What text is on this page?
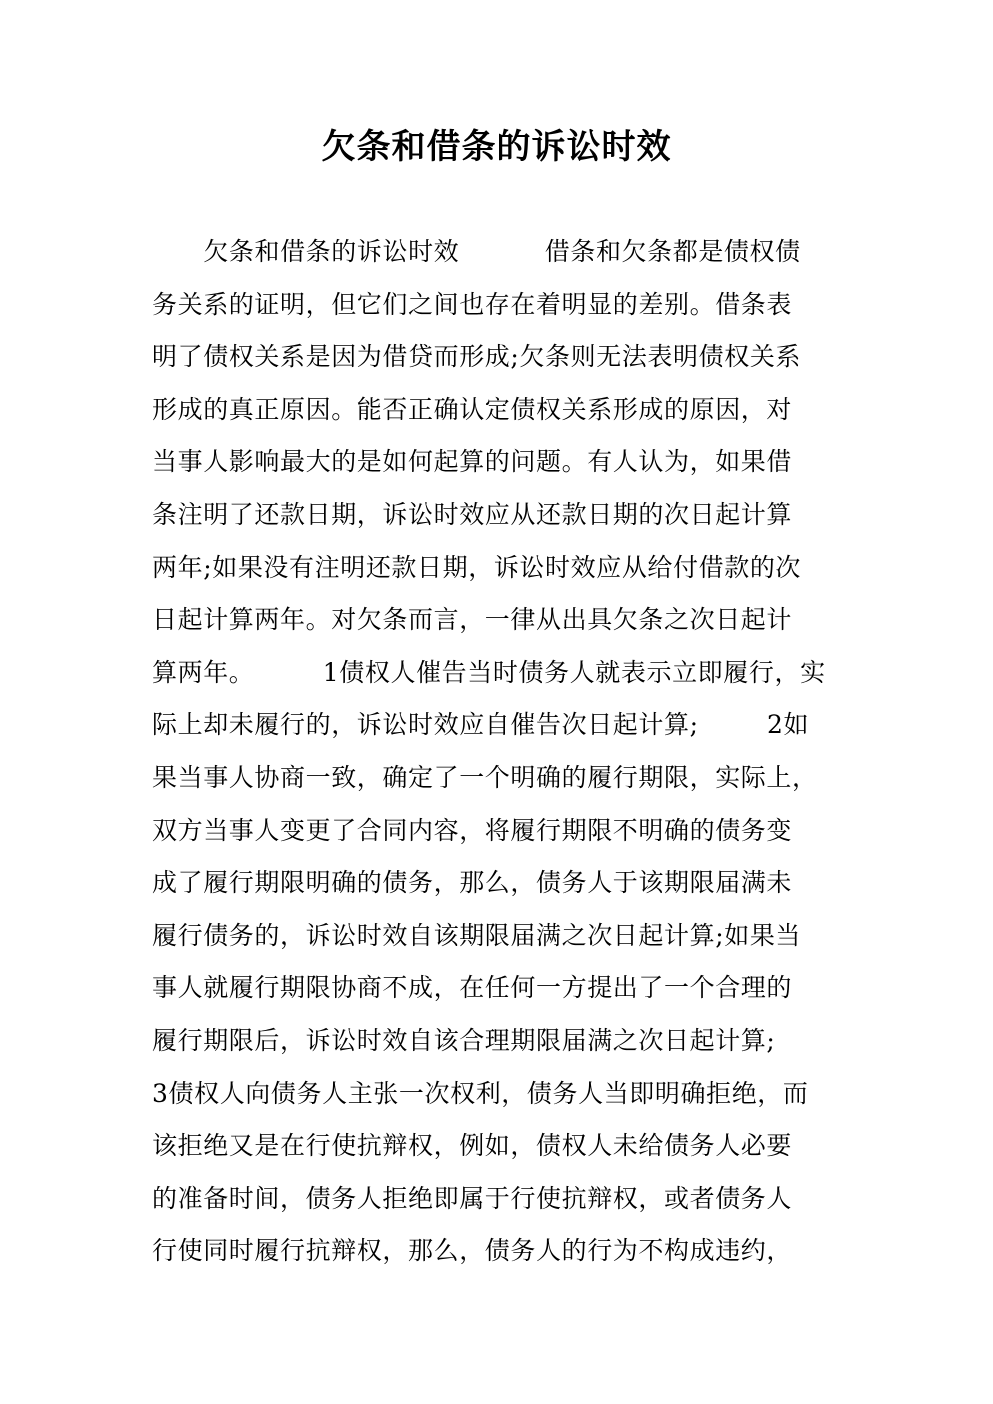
欠条和借条的诉讼时效
欠条和借条的诉讼时效          借条和欠条都是债权债
务关系的证明，但它们之间也存在着明显的差别。借条表
明了债权关系是因为借贷而形成;欠条则无法表明债权关系
形成的真正原因。能否正确认定债权关系形成的原因，对
当事人影响最大的是如何起算的问题。有人认为，如果借
条注明了还款日期，诉讼时效应从还款日期的次日起计算
两年;如果没有注明还款日期，诉讼时效应从给付借款的次
日起计算两年。对欠条而言，一律从出具欠条之次日起计
算两年。        1债权人催告当时债务人就表示立即履行，实
际上却未履行的，诉讼时效应自催告次日起计算;        2如
果当事人协商一致，确定了一个明确的履行期限，实际上，
双方当事人变更了合同内容，将履行期限不明确的债务变
成了履行期限明确的债务，那么，债务人于该期限届满未
履行债务的，诉讼时效自该期限届满之次日起计算;如果当
事人就履行期限协商不成，在任何一方提出了一个合理的
履行期限后，诉讼时效自该合理期限届满之次日起计算;
3债权人向债务人主张一次权利，债务人当即明确拒绝，而
该拒绝又是在行使抗辩权，例如，债权人未给债务人必要
的准备时间，债务人拒绝即属于行使抗辩权，或者债务人
行使同时履行抗辩权，那么，债务人的行为不构成违约，
